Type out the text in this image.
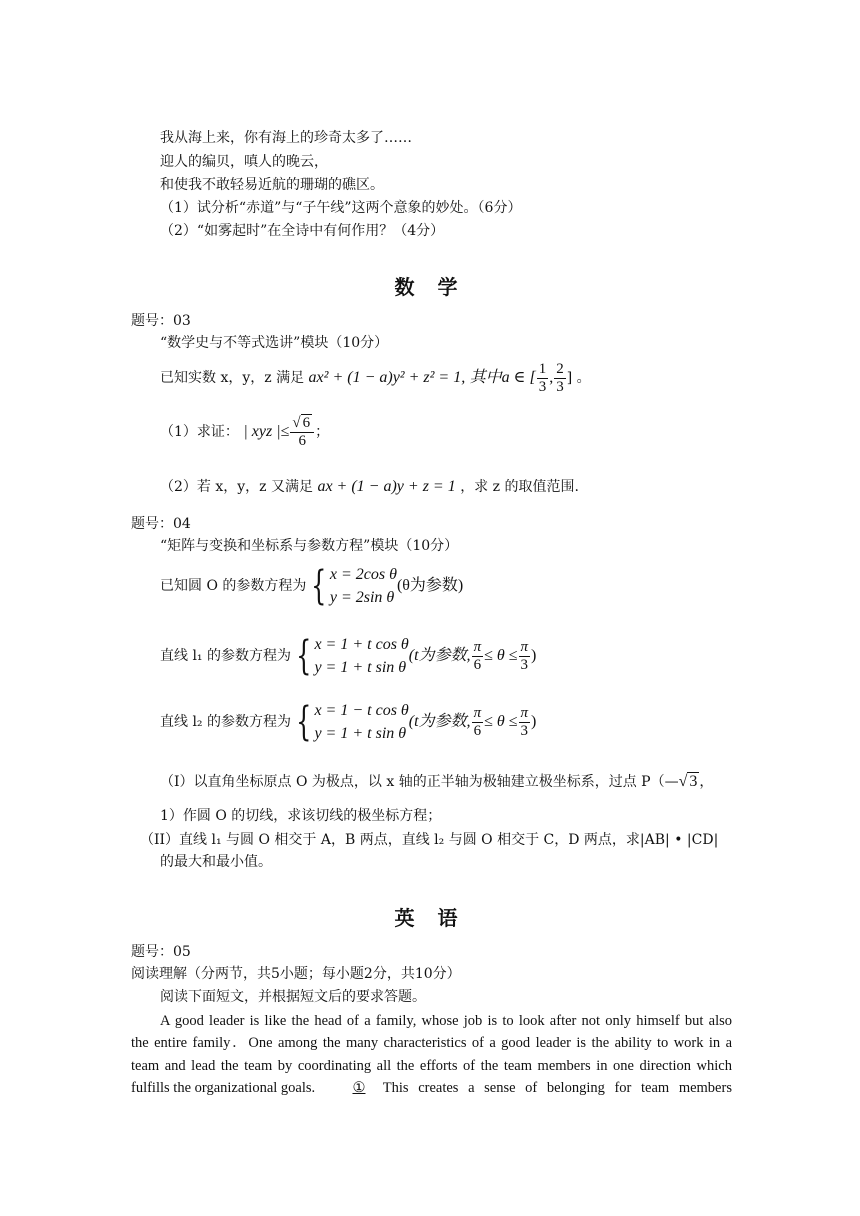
我从海上来，你有海上的珍奇太多了……
迎人的编贝，嗔人的晚云，
和使我不敢轻易近航的珊瑚的礁区。
（1）试分析“赤道”与“子午线”这两个意象的妙处。（6分）
（2）“如雾起时”在全诗中有何作用？（4分）
数 学
题号：03
“数学史与不等式选讲”模块（10分）
已知实数 x，y，z 满足 ax² + (1 − a)y² + z² = 1, 其中a ∈ [ $\frac{1}{3}$ , $\frac{2}{3}$ ] 。
（1）求证： | xyz |≤ $\frac{√ 6}{6}$ ；
（2）若 x，y，z 又满足 ax + (1 − a)y + z = 1 ，求 z 的取值范围.
题号：04
“矩阵与变换和坐标系与参数方程”模块（10分）
已知圆 O 的参数方程为 { x = 2cos θ
y = 2sin θ
(θ为参数)
直线 l₁ 的参数方程为 { x = 1 + t cos θ
y = 1 + t sin θ
(t为参数, $\frac{\pi}{6} \le \theta \le \frac{\pi}{3}$ )
直线 l₂ 的参数方程为 { x = 1 − t cos θ
y = 1 + t sin θ
(t为参数, $\frac{\pi}{6} \le \theta \le \frac{\pi}{3}$ )
（I）以直角坐标原点 O 为极点，以 x 轴的正半轴为极轴建立极坐标系，过点 P（—√ 3 ，
1）作圆 O 的切线，求该切线的极坐标方程；
（II）直线 l₁ 与圆 O 相交于 A，B 两点，直线 l₂ 与圆 O 相交于 C，D 两点，求|AB| • |CD|
的最大和最小值。
英 语
题号：05
阅读理解（分两节，共5小题；每小题2分，共10分）
阅读下面短文，并根据短文后的要求答题。
A good leader is like the head of a family, whose job is to look after not only himself but also
the entire family．One among the many characteristics of a good leader is the ability to work in a
team and lead the team by coordinating all the efforts of the team members in one direction which
fulfills the organizational goals.	①	This creates a sense of belonging for team members
